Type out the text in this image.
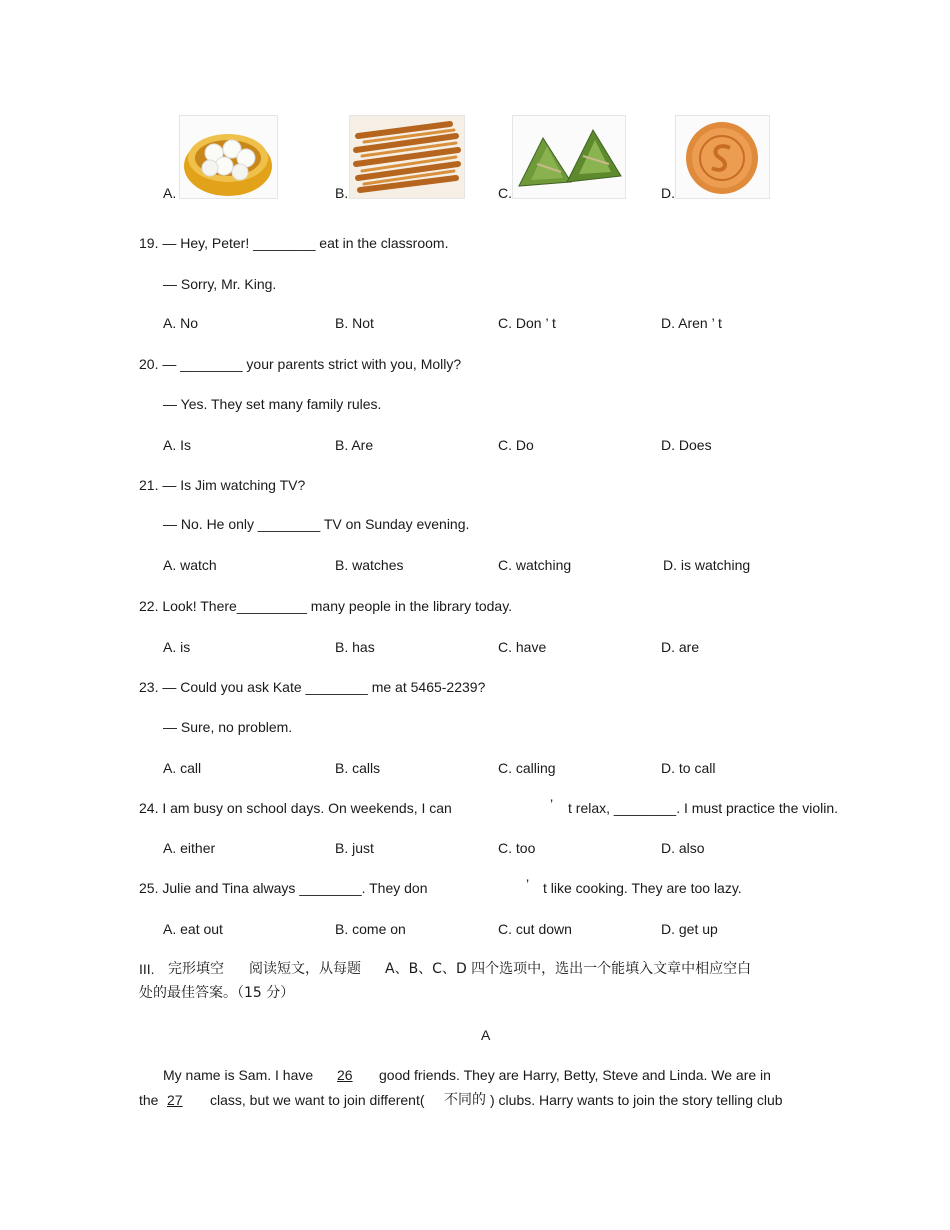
A.	B.	C.	D.
19. — Hey, Peter! ________ eat in the classroom.
— Sorry, Mr. King.
A. No	B. Not	C. Don ’ t	D. Aren ’ t
20. — ________ your parents strict with you, Molly?
— Yes. They set many family rules.
A. Is	B. Are	C. Do	D. Does
21. — Is Jim watching TV?
— No. He only ________ TV on Sunday evening.
A. watch	B. watches	C. watching	D. is watching
22. Look! There_________ many people in the library today.
A. is	B. has	C. have	D. are
23. — Could you ask Kate ________ me at 5465-2239?
— Sure, no problem.
A. call	B. calls	C. calling	D. to call
24. I am busy on school days. On weekends, I can	’ t relax, ________. I must practice the violin.
A. either	B. just	C. too	D. also
25. Julie and Tina always ________. They don	’ t like cooking. They are too lazy.
A. eat out	B. come on	C. cut down	D. get up
III. 完形填空 阅读短文，从每题 A、B、C、D 四个选项中，选出一个能填入文章中相应空白
处的最佳答案。（15 分）
A
My name is Sam. I have 26 good friends. They are Harry, Betty, Steve and Linda. We are in
the 27 class, but we want to join different( 不同的 ) clubs. Harry wants to join the story telling club
